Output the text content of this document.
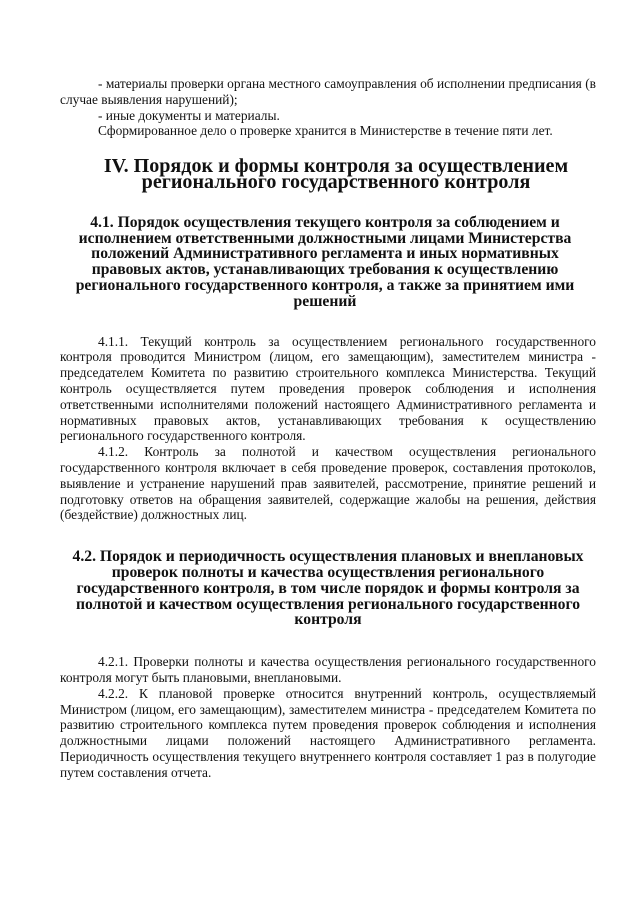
- материалы проверки органа местного самоуправления об исполнении предписания (в случае выявления нарушений);

- иные документы и материалы.

Сформированное дело о проверке хранится в Министерстве в течение пяти лет.

IV. Порядок и формы контроля за осуществлением регионального государственного контроля
4.1. Порядок осуществления текущего контроля за соблюдением и исполнением ответственными должностными лицами Министерства положений Административного регламента и иных нормативных правовых актов, устанавливающих требования к осуществлению регионального государственного контроля, а также за принятием ими решений

4.1.1. Текущий контроль за осуществлением регионального государственного контроля проводится Министром (лицом, его замещающим), заместителем министра - председателем Комитета по развитию строительного комплекса Министерства. Текущий контроль осуществляется путем проведения проверок соблюдения и исполнения ответственными исполнителями положений настоящего Административного регламента и нормативных правовых актов, устанавливающих требования к осуществлению регионального государственного контроля.

4.1.2. Контроль за полнотой и качеством осуществления регионального государственного контроля включает в себя проведение проверок, составления протоколов, выявление и устранение нарушений прав заявителей, рассмотрение, принятие решений и подготовку ответов на обращения заявителей, содержащие жалобы на решения, действия (бездействие) должностных лиц.

4.2. Порядок и периодичность осуществления плановых и внеплановых проверок полноты и качества осуществления регионального государственного контроля, в том числе порядок и формы контроля за полнотой и качеством осуществления регионального государственного контроля

4.2.1. Проверки полноты и качества осуществления регионального государственного контроля могут быть плановыми, внеплановыми.

4.2.2. К плановой проверке относится внутренний контроль, осуществляемый Министром (лицом, его замещающим), заместителем министра - председателем Комитета по развитию строительного комплекса путем проведения проверок соблюдения и исполнения должностными лицами положений настоящего Административного регламента. Периодичность осуществления текущего внутреннего контроля составляет 1 раз в полугодие путем составления отчета.
